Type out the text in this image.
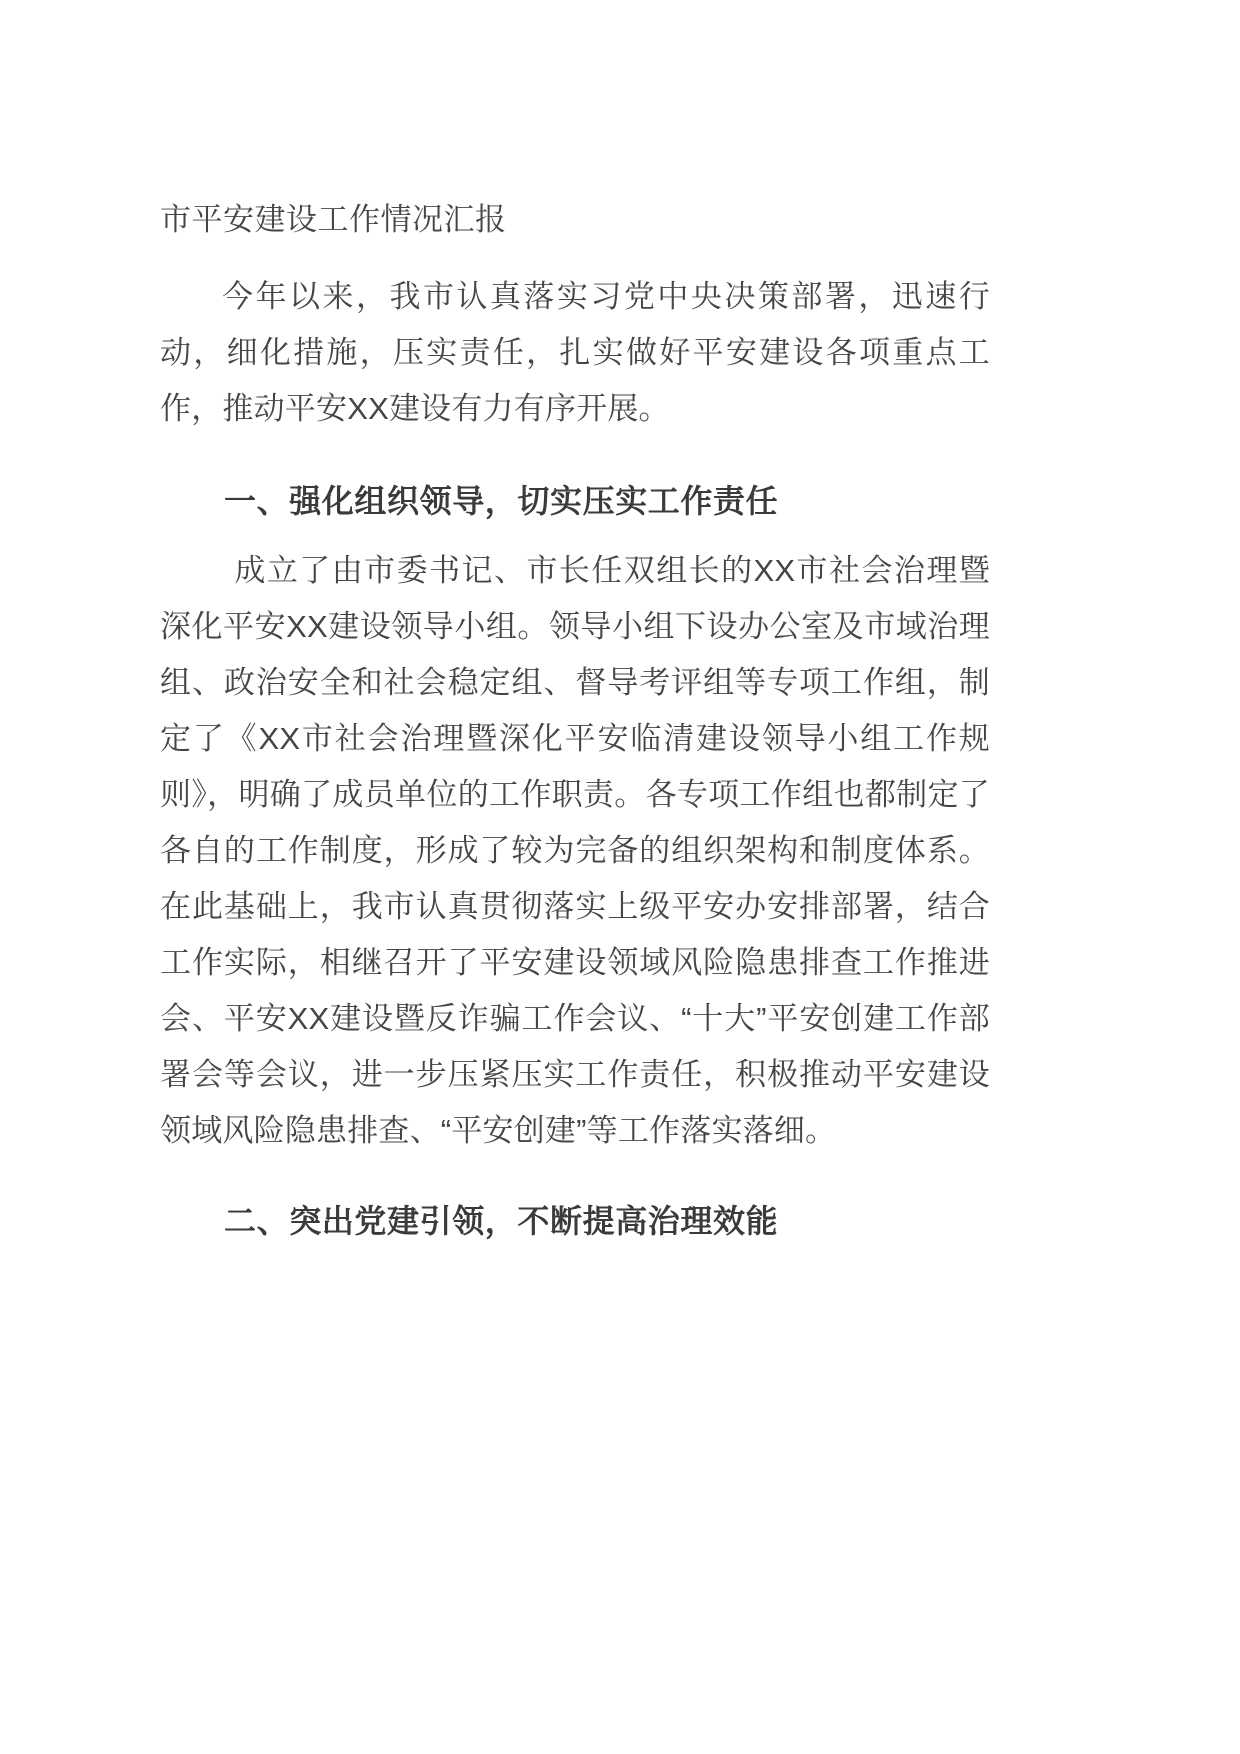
市平安建设工作情况汇报

今年以来，我市认真落实习党中央决策部署，迅速行动，细化措施，压实责任，扎实做好平安建设各项重点工作，推动平安XX建设有力有序开展。

一、强化组织领导，切实压实工作责任

成立了由市委书记、市长任双组长的XX市社会治理暨深化平安XX建设领导小组。领导小组下设办公室及市域治理组、政治安全和社会稳定组、督导考评组等专项工作组，制定了《XX市社会治理暨深化平安临清建设领导小组工作规则》，明确了成员单位的工作职责。各专项工作组也都制定了各自的工作制度，形成了较为完备的组织架构和制度体系。在此基础上，我市认真贯彻落实上级平安办安排部署，结合工作实际，相继召开了平安建设领域风险隐患排查工作推进会、平安XX建设暨反诈骗工作会议、“十大”平安创建工作部署会等会议，进一步压紧压实工作责任，积极推动平安建设领域风险隐患排查、“平安创建”等工作落实落细。

二、突出党建引领，不断提高治理效能
